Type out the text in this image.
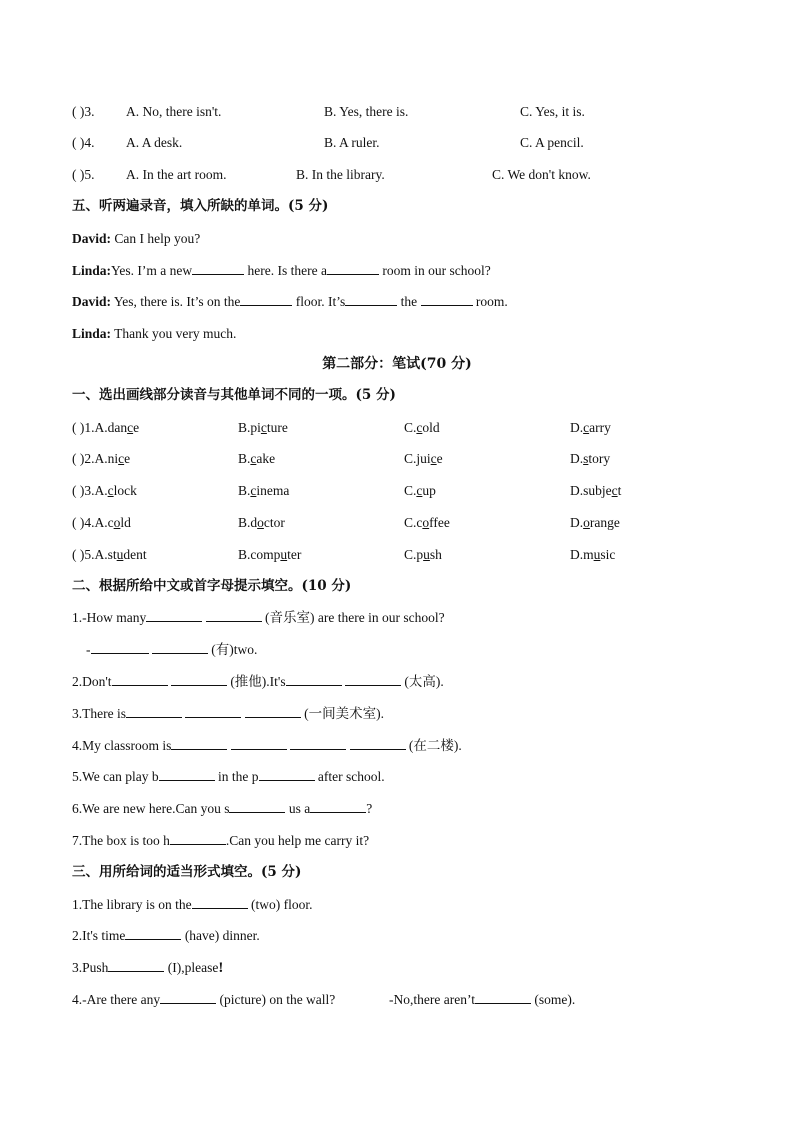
( )3. A. No, there isn't.	B. Yes, there is.	C. Yes, it is.
( )4. A. A desk.	B. A ruler.	C. A pencil.
( )5. A. In the art room.	B. In the library.	C. We don't know.
五、听两遍录音，填入所缺的单词。(5 分)
David: Can I help you?
Linda:Yes. I’m a new	here. Is there a	room in our school?
David: Yes, there is. It’s on the	floor. It’s	the	room.
Linda: Thank you very much.
第二部分：笔试(70 分)
一、选出画线部分读音与其他单词不同的一项。(5 分)
( )1.A.dance	B.picture	C.cold	D.carry
( )2.A.nice	B.cake	C.juice	D.story
( )3.A.clock	B.cinema	C.cup	D.subject
( )4.A.cold	B.doctor	C.coffee	D.orange
( )5.A.student	B.computer	C.push	D.music
二、根据所给中文或首字母提示填空。(10 分)
1.-How many	(音乐室) are there in our school?
-	(有)two.
2.Don't	(推他).It's	(太高).
3.There is	(一间美术室).
4.My classroom is	(在二楼).
5.We can play b	in the p	after school.
6.We are new here.Can you s	us a	?
7.The box is too h	.Can you help me carry it?
三、用所给词的适当形式填空。(5 分)
1.The library is on the	(two) floor.
2.It's time	(have) dinner.
3.Push	(I),please!
4.-Are there any	(picture) on the wall?	-No,there aren’t	(some).
